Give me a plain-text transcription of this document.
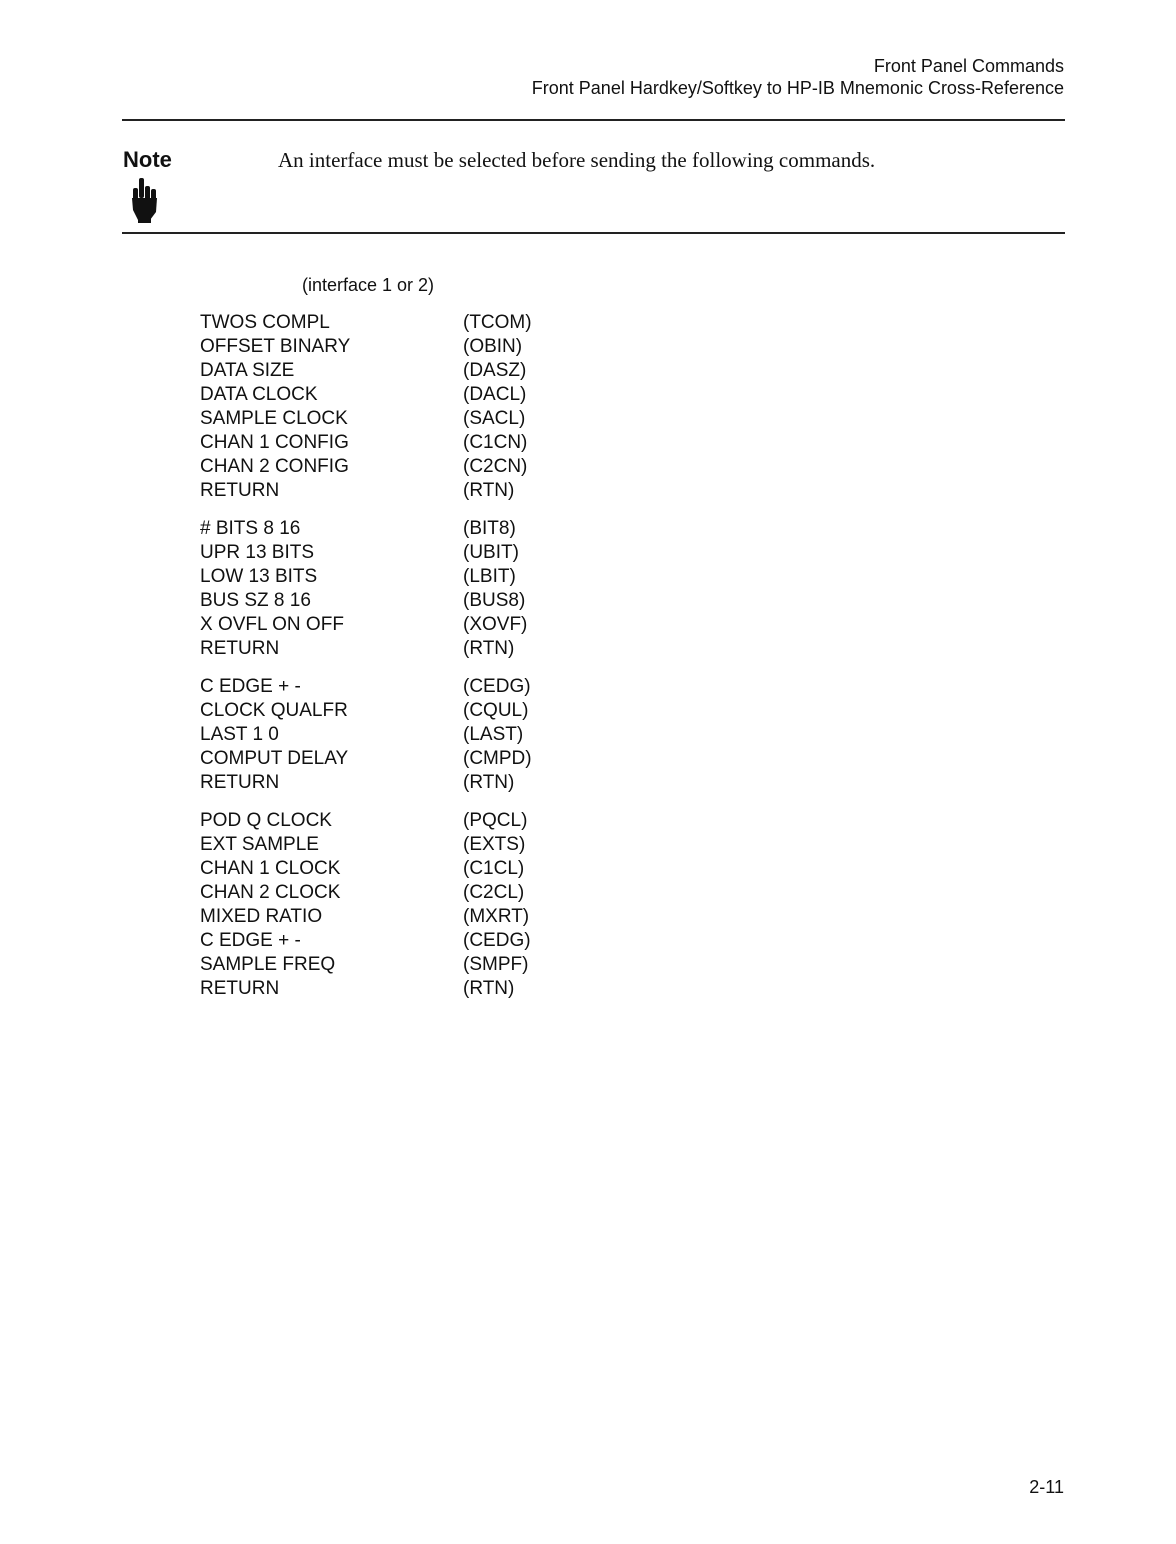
Front Panel Commands
Front Panel Hardkey/Softkey to HP-IB Mnemonic Cross-Reference
Note	An interface must be selected before sending the following commands.
(interface 1 or 2)
TWOS COMPL	(TCOM)
OFFSET BINARY	(OBIN)
DATA SIZE	(DASZ)
DATA CLOCK	(DACL)
SAMPLE CLOCK	(SACL)
CHAN 1 CONFIG	(C1CN)
CHAN 2 CONFIG	(C2CN)
RETURN	(RTN)
# BITS 8 16	(BIT8)
UPR 13 BITS	(UBIT)
LOW 13 BITS	(LBIT)
BUS SZ 8 16	(BUS8)
X OVFL ON OFF	(XOVF)
RETURN	(RTN)
C EDGE + -	(CEDG)
CLOCK QUALFR	(CQUL)
LAST 1 0	(LAST)
COMPUT DELAY	(CMPD)
RETURN	(RTN)
POD Q CLOCK	(PQCL)
EXT SAMPLE	(EXTS)
CHAN 1 CLOCK	(C1CL)
CHAN 2 CLOCK	(C2CL)
MIXED RATIO	(MXRT)
C EDGE + -	(CEDG)
SAMPLE FREQ	(SMPF)
RETURN	(RTN)
2-11
